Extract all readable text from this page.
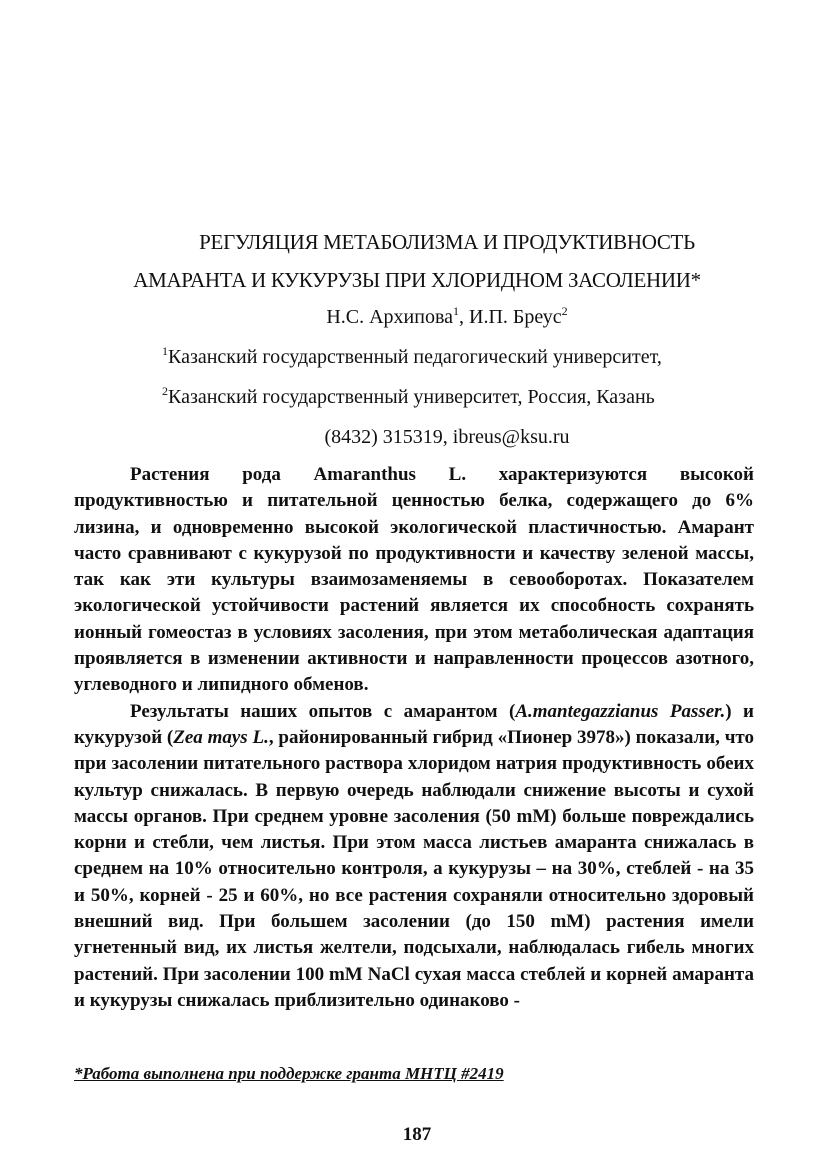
РЕГУЛЯЦИЯ МЕТАБОЛИЗМА И ПРОДУКТИВНОСТЬ
АМАРАНТА И КУКУРУЗЫ ПРИ ХЛОРИДНОМ ЗАСОЛЕНИИ*
Н.С. Архипова$^1$, И.П. Бреус$^2$
$^1$Казанский государственный педагогический университет,
$^2$Казанский государственный университет, Россия, Казань
(8432) 315319, ibreus@ksu.ru

Растения рода Amaranthus L. характеризуются высокой продуктивностью и питательной ценностью белка, содержащего до 6% лизина, и одновременно высокой экологической пластичностью. Амарант часто сравнивают с кукурузой по продуктивности и качеству зеленой массы, так как эти культуры взаимозаменяемы в севооборотах. Показателем экологической устойчивости растений является их способность сохранять ионный гомеостаз в условиях засоления, при этом метаболическая адаптация проявляется в изменении активности и направленности процессов азотного, углеводного и липидного обменов.

Результаты наших опытов с амарантом (A.mantegazzianus Passer.) и кукурузой (Zea mays L., районированный гибрид «Пионер 3978») показали, что при засолении питательного раствора хлоридом натрия продуктивность обеих культур снижалась. В первую очередь наблюдали снижение высоты и сухой массы органов. При среднем уровне засоления (50 mM) больше повреждались корни и стебли, чем листья. При этом масса листьев амаранта снижалась в среднем на 10% относительно контроля, а кукурузы – на 30%, стеблей - на 35 и 50%, корней - 25 и 60%, но все растения сохраняли относительно здоровый внешний вид. При большем засолении (до 150 mM) растения имели угнетенный вид, их листья желтели, подсыхали, наблюдалась гибель многих растений. При засолении 100 mM NaCl сухая масса стеблей и корней амаранта и кукурузы снижалась приблизительно одинаково -

*Работа выполнена при поддержке гранта МНТЦ #2419
187
